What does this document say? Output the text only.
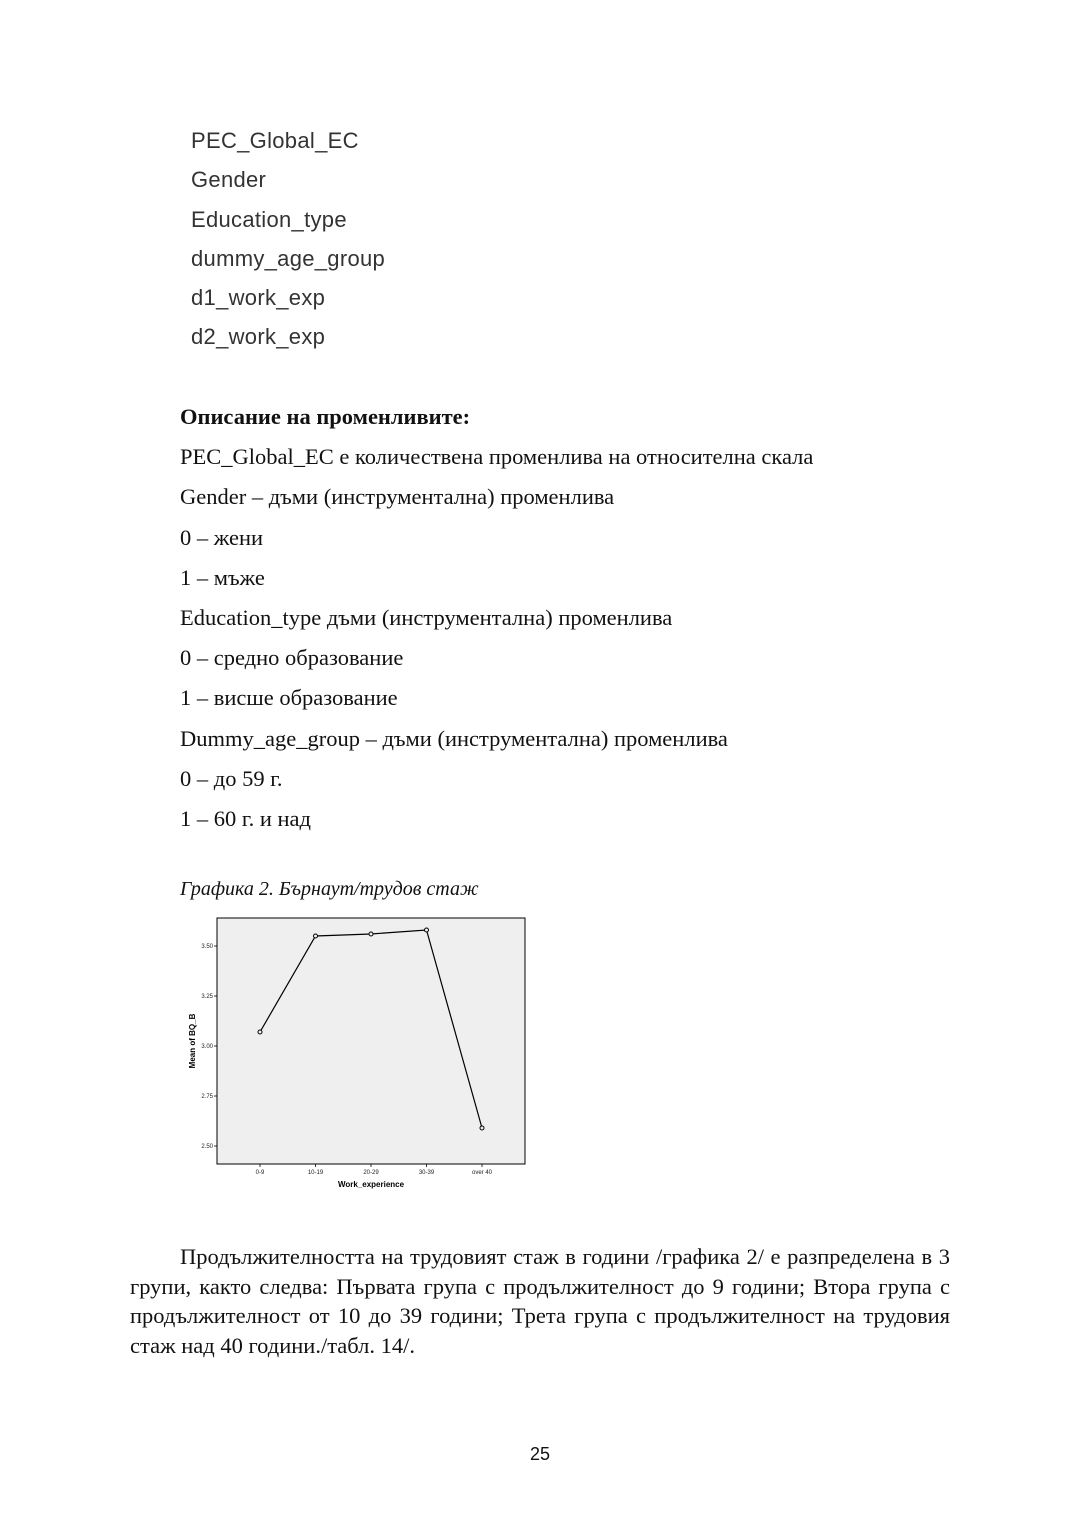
PEC_Global_EC
Gender
Education_type
dummy_age_group
d1_work_exp
d2_work_exp
Описание на променливите:
PEC_Global_EC е количествена променлива на относителна скала
Gender – дъми (инструментална) променлива
0 – жени
1 – мъже
Education_type дъми (инструментална) променлива
0 – средно образование
1 – висше образование
Dummy_age_group – дъми (инструментална) променлива
0 – до 59 г.
1 – 60 г. и над
Графика 2. Бърнаут/трудов стаж
2.50
2.75
3.00
3.25
3.50
0-9	10-19	20-29	30-39	over 40
Work_experience
Mean of BQ_B
Продължителността на трудовият стаж в години /графика 2/ е разпределена в 3 групи, както следва: Първата група с продължителност до 9 години; Втора група с продължителност от 10 до 39 години; Трета група с продължителност на трудовия стаж над 40 години./табл. 14/.
25
